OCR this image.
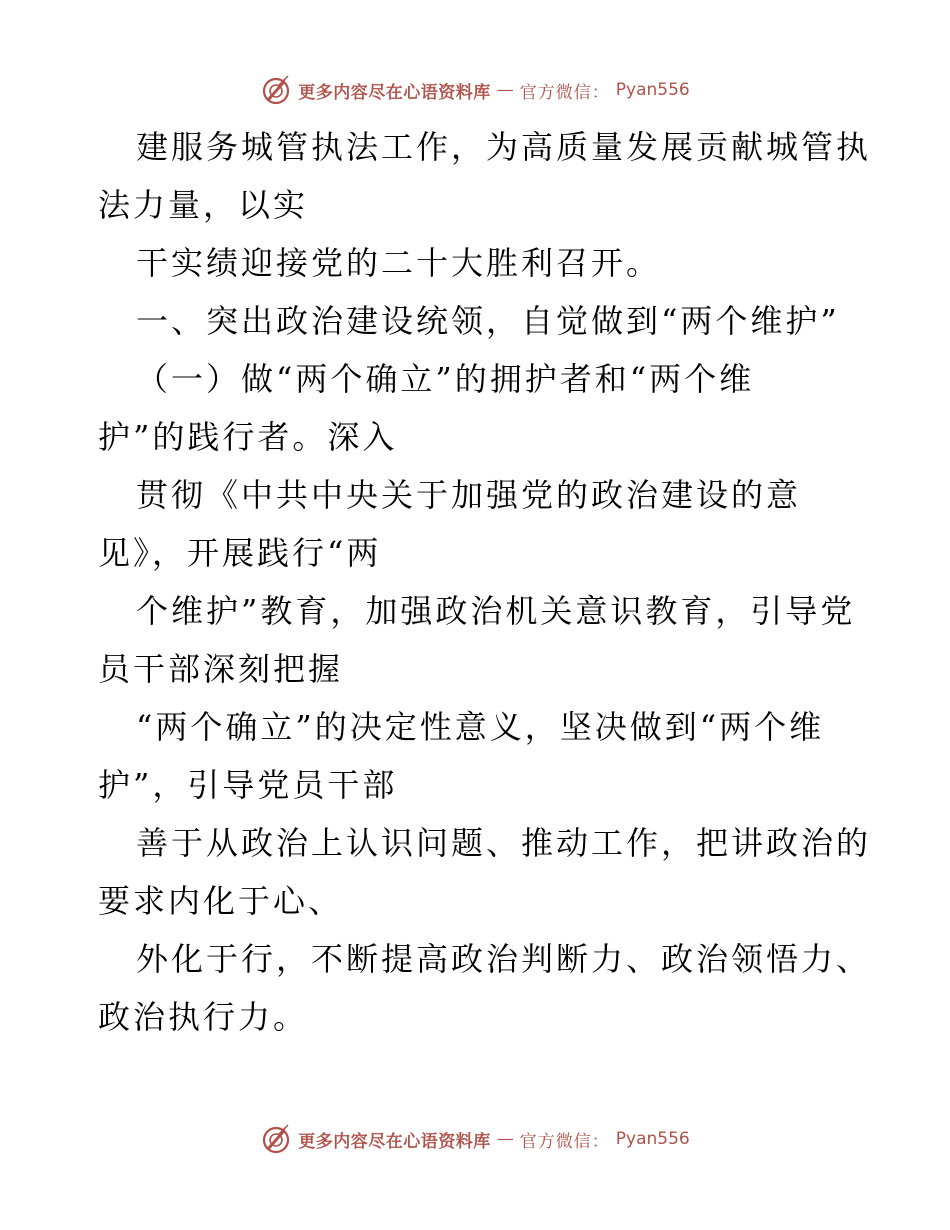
更多内容尽在心语资料库 — 官方微信： Pyan556
建服务城管执法工作，为高质量发展贡献城管执
法力量，以实
干实绩迎接党的二十大胜利召开。
一、突出政治建设统领，自觉做到“两个维护”
（一）做“两个确立”的拥护者和“两个维
护”的践行者。深入
贯彻《中共中央关于加强党的政治建设的意
见》，开展践行“两
个维护”教育，加强政治机关意识教育，引导党
员干部深刻把握
“两个确立”的决定性意义，坚决做到“两个维
护”，引导党员干部
善于从政治上认识问题、推动工作，把讲政治的
要求内化于心、
外化于行，不断提高政治判断力、政治领悟力、
政治执行力。
更多内容尽在心语资料库 — 官方微信： Pyan556
